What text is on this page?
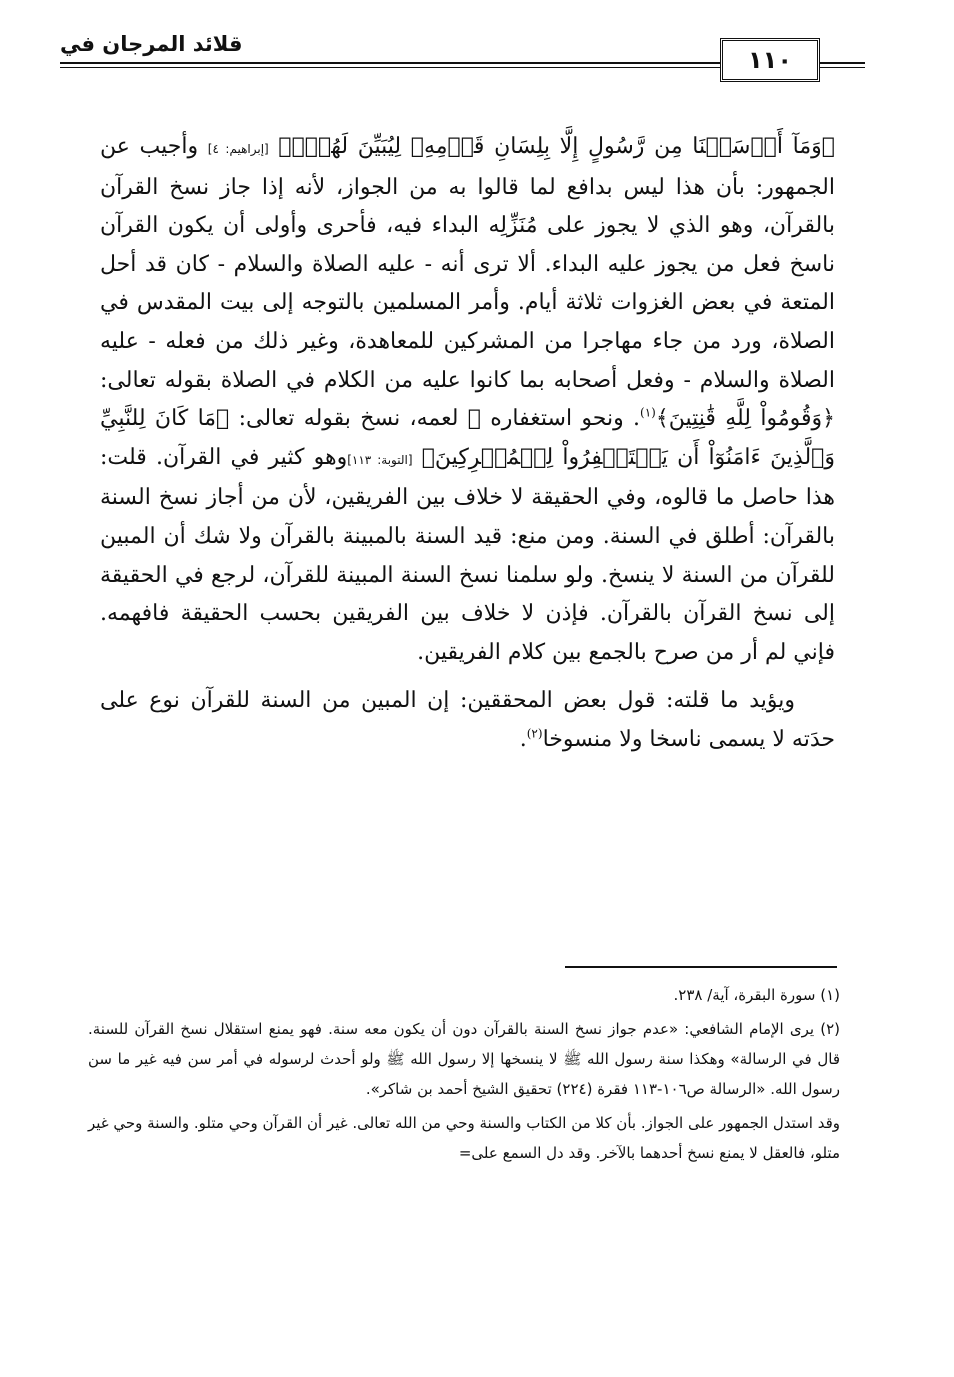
قلائد المرجان في
١١٠

﴿وَمَآ أَرۡسَلۡنَا مِن رَّسُولٍ إِلَّا بِلِسَانِ قَوۡمِهِۦ لِيُبَيِّنَ لَهُمۡۖ﴾ [إبراهيم: ٤] وأجيب عن الجمهور: بأن هذا ليس بدافع لما قالوا به من الجواز، لأنه إذا جاز نسخ القرآن بالقرآن، وهو الذي لا يجوز على مُنَزِّلِه البداء فيه، فأحرى وأولى أن يكون القرآن ناسخ فعل من يجوز عليه البداء. ألا ترى أنه - عليه الصلاة والسلام - كان قد أحل المتعة في بعض الغزوات ثلاثة أيام. وأمر المسلمين بالتوجه إلى بيت المقدس في الصلاة، ورد من جاء مهاجرا من المشركين للمعاهدة، وغير ذلك من فعله - عليه الصلاة والسلام - وفعل أصحابه بما كانوا عليه من الكلام في الصلاة بقوله تعالى: ﴿وَقُومُواْ لِلَّهِ قَٰنِتِينَ﴾$^{(١)}$. ونحو استغفاره ﷺ لعمه، نسخ بقوله تعالى: ﴿مَا كَانَ لِلنَّبِيِّ وَٱلَّذِينَ ءَامَنُوٓاْ أَن يَسۡتَغۡفِرُواْ لِلۡمُشۡرِكِينَ﴾ [التوبة: ١١٣]وهو كثير في القرآن. قلت: هذا حاصل ما قالوه، وفي الحقيقة لا خلاف بين الفريقين، لأن من أجاز نسخ السنة بالقرآن: أطلق في السنة. ومن منع: قيد السنة بالمبينة بالقرآن ولا شك أن المبين للقرآن من السنة لا ينسخ. ولو سلمنا نسخ السنة المبينة للقرآن، لرجع في الحقيقة إلى نسخ القرآن بالقرآن. فإذن لا خلاف بين الفريقين بحسب الحقيقة فافهمه. فإني لم أر من صرح بالجمع بين كلام الفريقين.

ويؤيد ما قلته: قول بعض المحققين: إن المبين من السنة للقرآن نوع على حدَته لا يسمى ناسخا ولا منسوخا$^{(٢)}$.

(١) سورة البقرة، آية/ ٢٣٨.

(٢) يرى الإمام الشافعي: «عدم جواز نسخ السنة بالقرآن دون أن يكون معه سنة. فهو يمنع استقلال نسخ القرآن للسنة. قال في الرسالة» وهكذا سنة رسول الله ﷺ لا ينسخها إلا رسول الله ﷺ ولو أحدث لرسوله في أمر سن فيه غير ما سن رسول الله. «الرسالة ص١٠٦-١١٣ فقرة (٢٢٤) تحقيق الشيخ أحمد بن شاكر».

وقد استدل الجمهور على الجواز. بأن كلا من الكتاب والسنة وحي من الله تعالى. غير أن القرآن وحي متلو. والسنة وحي غير متلو، فالعقل لا يمنع نسخ أحدهما بالآخر. وقد دل السمع على=
